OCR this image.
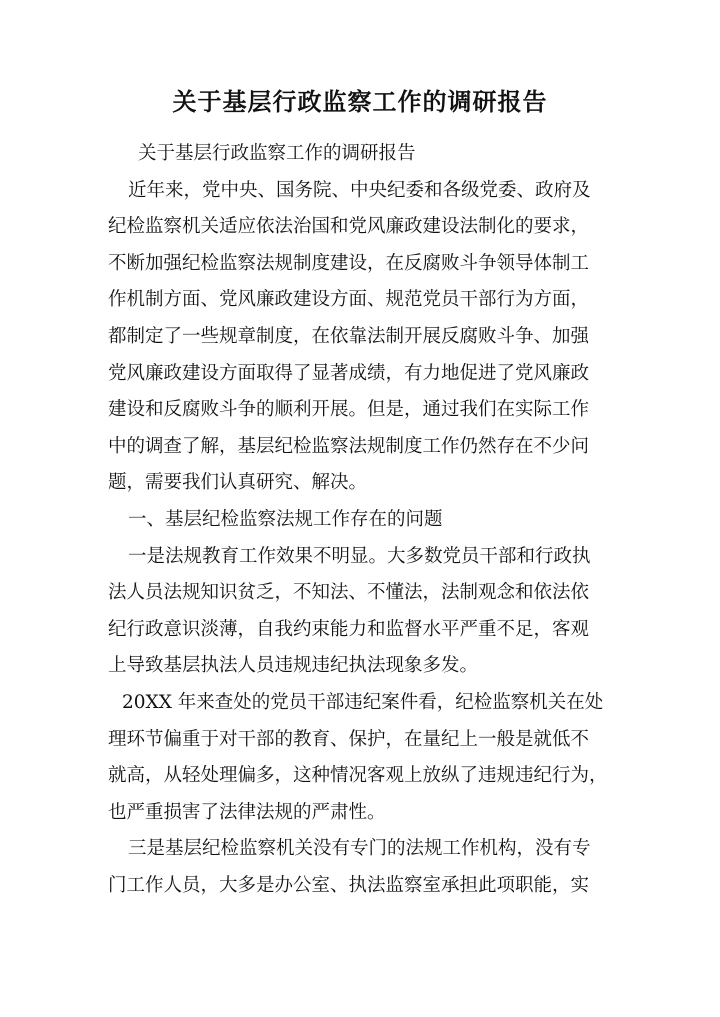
关于基层行政监察工作的调研报告
关于基层行政监察工作的调研报告
近年来，党中央、国务院、中央纪委和各级党委、政府及
纪检监察机关适应依法治国和党风廉政建设法制化的要求，
不断加强纪检监察法规制度建设，在反腐败斗争领导体制工
作机制方面、党风廉政建设方面、规范党员干部行为方面，
都制定了一些规章制度，在依靠法制开展反腐败斗争、加强
党风廉政建设方面取得了显著成绩，有力地促进了党风廉政
建设和反腐败斗争的顺利开展。但是，通过我们在实际工作
中的调查了解，基层纪检监察法规制度工作仍然存在不少问
题，需要我们认真研究、解决。
一、基层纪检监察法规工作存在的问题
一是法规教育工作效果不明显。大多数党员干部和行政执
法人员法规知识贫乏，不知法、不懂法，法制观念和依法依
纪行政意识淡薄，自我约束能力和监督水平严重不足，客观
上导致基层执法人员违规违纪执法现象多发。
20XX 年来查处的党员干部违纪案件看，纪检监察机关在处
理环节偏重于对干部的教育、保护，在量纪上一般是就低不
就高，从轻处理偏多，这种情况客观上放纵了违规违纪行为，
也严重损害了法律法规的严肃性。
三是基层纪检监察机关没有专门的法规工作机构，没有专
门工作人员，大多是办公室、执法监察室承担此项职能，实
